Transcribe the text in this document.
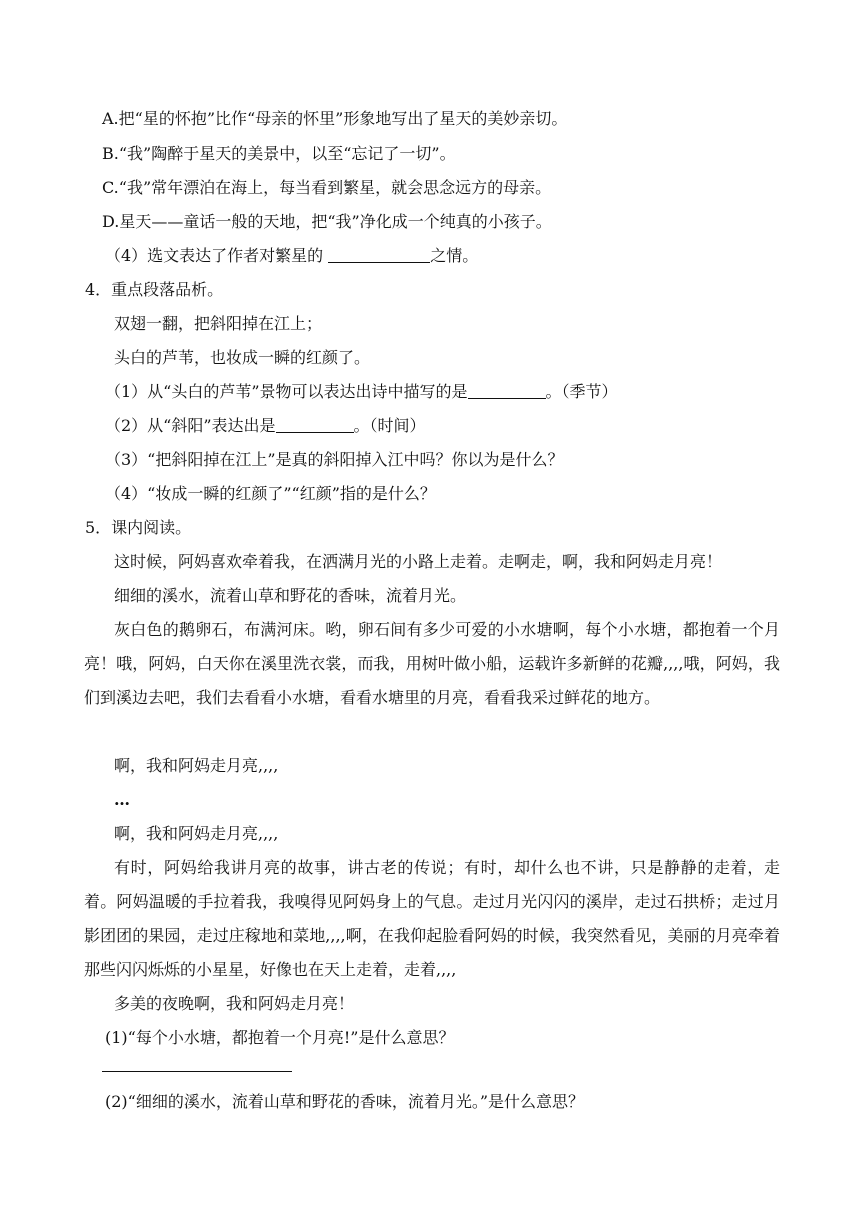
A.把“星的怀抱”比作“母亲的怀里”形象地写出了星天的美妙亲切。
B.“我”陶醉于星天的美景中，以至“忘记了一切”。
C.“我”常年漂泊在海上，每当看到繁星，就会思念远方的母亲。
D.星天——童话一般的天地，把“我”净化成一个纯真的小孩子。
（4）选文表达了作者对繁星的	之情。
4．重点段落品析。
双翅一翻，把斜阳掉在江上；
头白的芦苇，也妆成一瞬的红颜了。
（1）从“头白的芦苇”景物可以表达出诗中描写的是	。（季节）
（2）从“斜阳”表达出是	。（时间）
（3）“把斜阳掉在江上”是真的斜阳掉入江中吗？你以为是什么？
（4）“妆成一瞬的红颜了”“红颜”指的是什么？
5．课内阅读。
这时候，阿妈喜欢牵着我，在洒满月光的小路上走着。走啊走，啊，我和阿妈走月亮！
细细的溪水，流着山草和野花的香味，流着月光。
灰白色的鹅卵石，布满河床。哟，卵石间有多少可爱的小水塘啊，每个小水塘，都抱着一个月亮！哦，阿妈，白天你在溪里洗衣裳，而我，用树叶做小船，运载许多新鲜的花瓣,,,,哦，阿妈，我们到溪边去吧，我们去看看小水塘，看看水塘里的月亮，看看我采过鲜花的地方。
啊，我和阿妈走月亮,,,,
…
啊，我和阿妈走月亮,,,,
有时，阿妈给我讲月亮的故事，讲古老的传说；有时，却什么也不讲，只是静静的走着，走着。阿妈温暖的手拉着我，我嗅得见阿妈身上的气息。走过月光闪闪的溪岸，走过石拱桥；走过月影团团的果园，走过庄稼地和菜地,,,,啊，在我仰起脸看阿妈的时候，我突然看见，美丽的月亮牵着那些闪闪烁烁的小星星，好像也在天上走着，走着,,,,
多美的夜晚啊，我和阿妈走月亮！
(1)“每个小水塘，都抱着一个月亮!”是什么意思？
(2)“细细的溪水，流着山草和野花的香味，流着月光。”是什么意思？
